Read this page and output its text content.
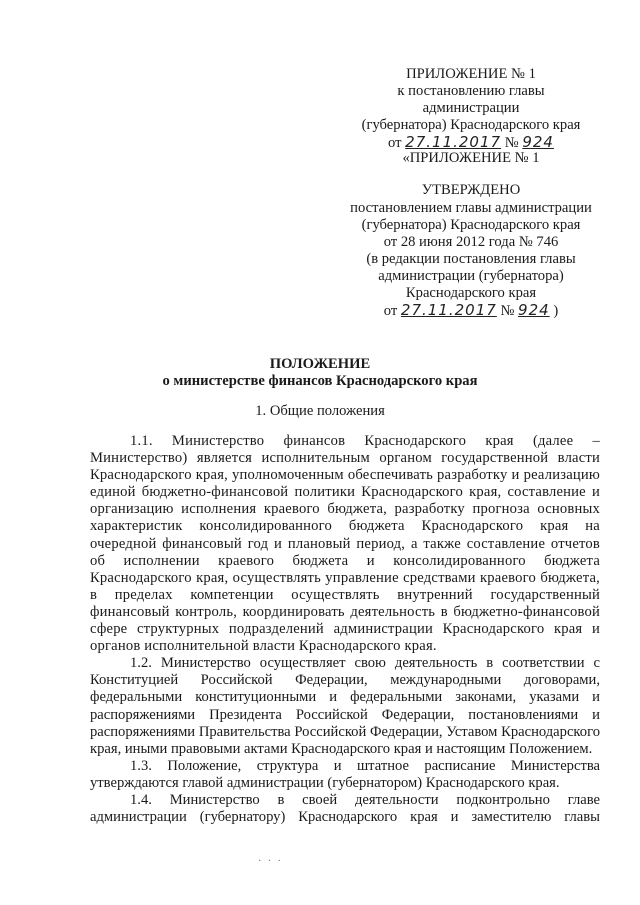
ПРИЛОЖЕНИЕ № 1
к постановлению главы администрации
(губернатора) Краснодарского края
от 27.11.2017 № 924
«ПРИЛОЖЕНИЕ № 1
УТВЕРЖДЕНО
постановлением главы администрации
(губернатора) Краснодарского края
от 28 июня 2012 года № 746
(в редакции постановления главы
администрации (губернатора)
Краснодарского края
от 27.11.2017 № 924 )
ПОЛОЖЕНИЕ
о министерстве финансов Краснодарского края
1. Общие положения

1.1. Министерство финансов Краснодарского края (далее – Министерство) является исполнительным органом государственной власти Краснодарского края, уполномоченным обеспечивать разработку и реализацию единой бюджетно-финансовой политики Краснодарского края, составление и организацию исполнения краевого бюджета, разработку прогноза основных характеристик консолидированного бюджета Краснодарского края на очередной финансовый год и плановый период, а также составление отчетов об исполнении краевого бюджета и консолидированного бюджета Краснодарского края, осуществлять управление средствами краевого бюджета, в пределах компетенции осуществлять внутренний государственный финансовый контроль, координировать деятельность в бюджетно-финансовой сфере структурных подразделений администрации Краснодарского края и органов исполнительной власти Краснодарского края.

1.2. Министерство осуществляет свою деятельность в соответствии с Конституцией Российской Федерации, международными договорами, федеральными конституционными и федеральными законами, указами и распоряжениями Президента Российской Федерации, постановлениями и распоряжениями Правительства Российской Федерации, Уставом Краснодарского края, иными правовыми актами Краснодарского края и настоящим Положением.

1.3. Положение, структура и штатное расписание Министерства утверждаются главой администрации (губернатором) Краснодарского края.

1.4. Министерство в своей деятельности подконтрольно главе администрации (губернатору) Краснодарского края и заместителю главы

· · ·
